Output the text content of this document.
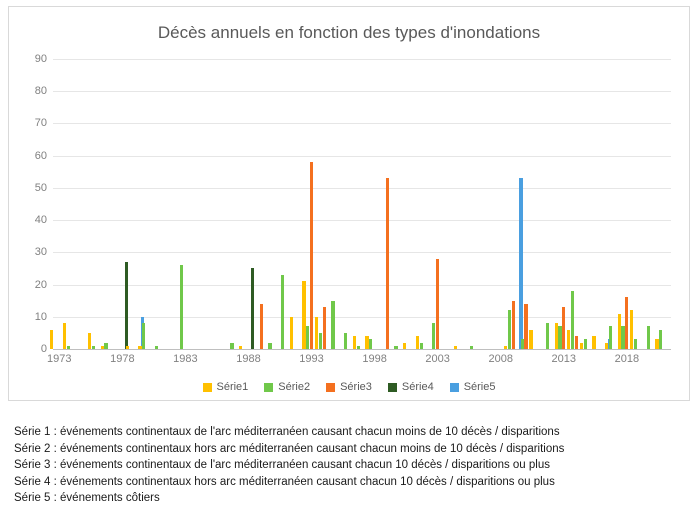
Décès annuels en fonction des types d'inondations
0
10
20
30
40
50
60
70
80
90
1973	1978	1983	1988	1993	1998	2003	2008	2013	2018
Série1	Série2	Série3	Série4	Série5
Série 1 : événements continentaux de l'arc méditerranéen causant chacun moins de 10 décès / disparitions
Série 2 : événements continentaux hors arc méditerranéen causant chacun moins de 10 décès / disparitions
Série 3 : événements continentaux de l'arc méditerranéen causant chacun 10 décès / disparitions ou plus
Série 4 : événements continentaux hors arc méditerranéen causant chacun 10 décès / disparitions ou plus
Série 5 : événements côtiers
